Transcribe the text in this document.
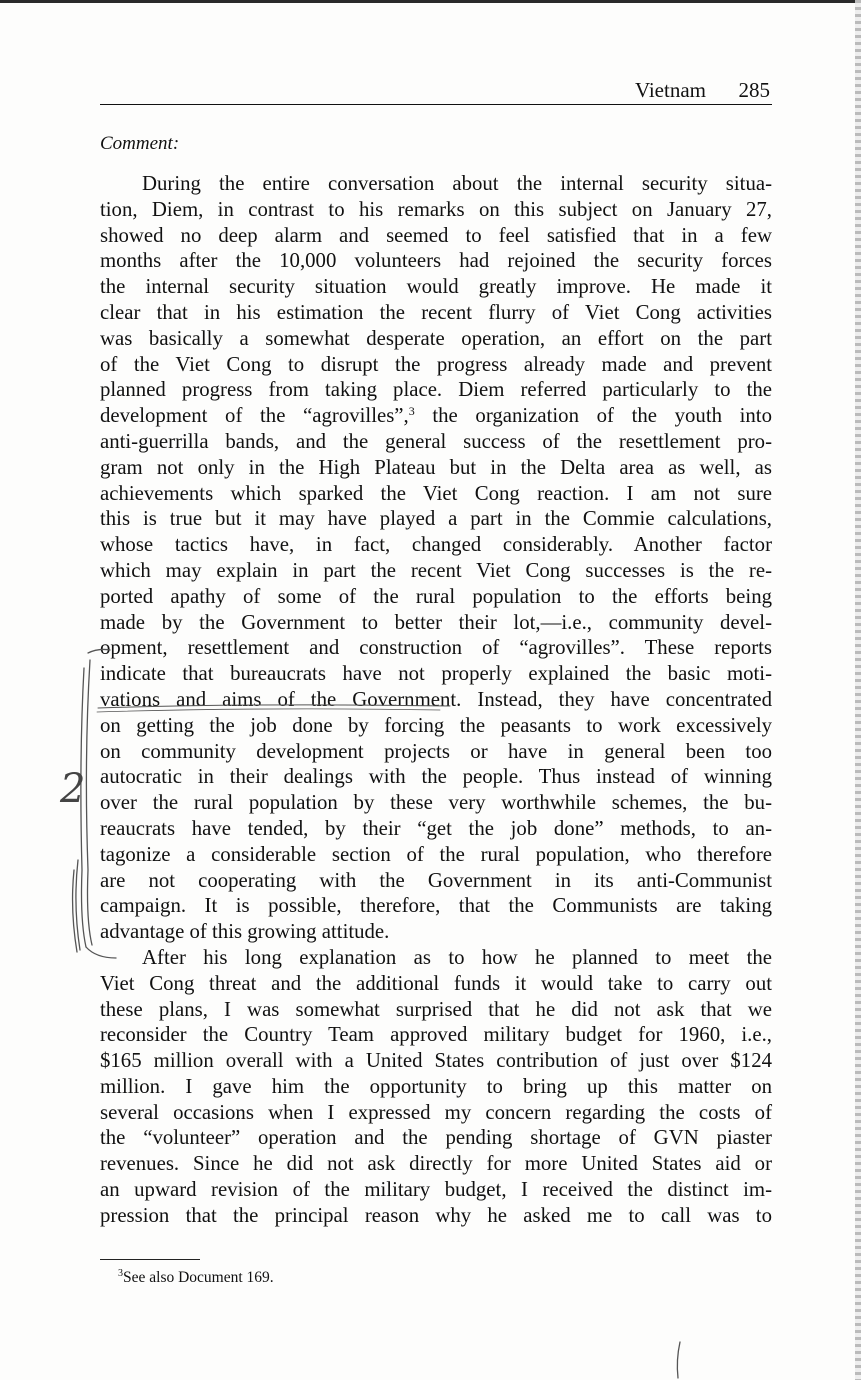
Vietnam 285
Comment:
During the entire conversation about the internal security situa-
tion, Diem, in contrast to his remarks on this subject on January 27,
showed no deep alarm and seemed to feel satisfied that in a few
months after the 10,000 volunteers had rejoined the security forces
the internal security situation would greatly improve. He made it
clear that in his estimation the recent flurry of Viet Cong activities
was basically a somewhat desperate operation, an effort on the part
of the Viet Cong to disrupt the progress already made and prevent
planned progress from taking place. Diem referred particularly to the
development of the “agrovilles”,$^3$ the organization of the youth into
anti-guerrilla bands, and the general success of the resettlement pro-
gram not only in the High Plateau but in the Delta area as well, as
achievements which sparked the Viet Cong reaction. I am not sure
this is true but it may have played a part in the Commie calculations,
whose tactics have, in fact, changed considerably. Another factor
which may explain in part the recent Viet Cong successes is the re-
ported apathy of some of the rural population to the efforts being
made by the Government to better their lot,—i.e., community devel-
opment, resettlement and construction of “agrovilles”. These reports
indicate that bureaucrats have not properly explained the basic moti-
vations and aims of the Government. Instead, they have concentrated
on getting the job done by forcing the peasants to work excessively
on community development projects or have in general been too
autocratic in their dealings with the people. Thus instead of winning
over the rural population by these very worthwhile schemes, the bu-
reaucrats have tended, by their “get the job done” methods, to an-
tagonize a considerable section of the rural population, who therefore
are not cooperating with the Government in its anti-Communist
campaign. It is possible, therefore, that the Communists are taking
advantage of this growing attitude.
After his long explanation as to how he planned to meet the
Viet Cong threat and the additional funds it would take to carry out
these plans, I was somewhat surprised that he did not ask that we
reconsider the Country Team approved military budget for 1960, i.e.,
$165 million overall with a United States contribution of just over $124
million. I gave him the opportunity to bring up this matter on
several occasions when I expressed my concern regarding the costs of
the “volunteer” operation and the pending shortage of GVN piaster
revenues. Since he did not ask directly for more United States aid or
an upward revision of the military budget, I received the distinct im-
pression that the principal reason why he asked me to call was to
$^3$See also Document 169.
2
